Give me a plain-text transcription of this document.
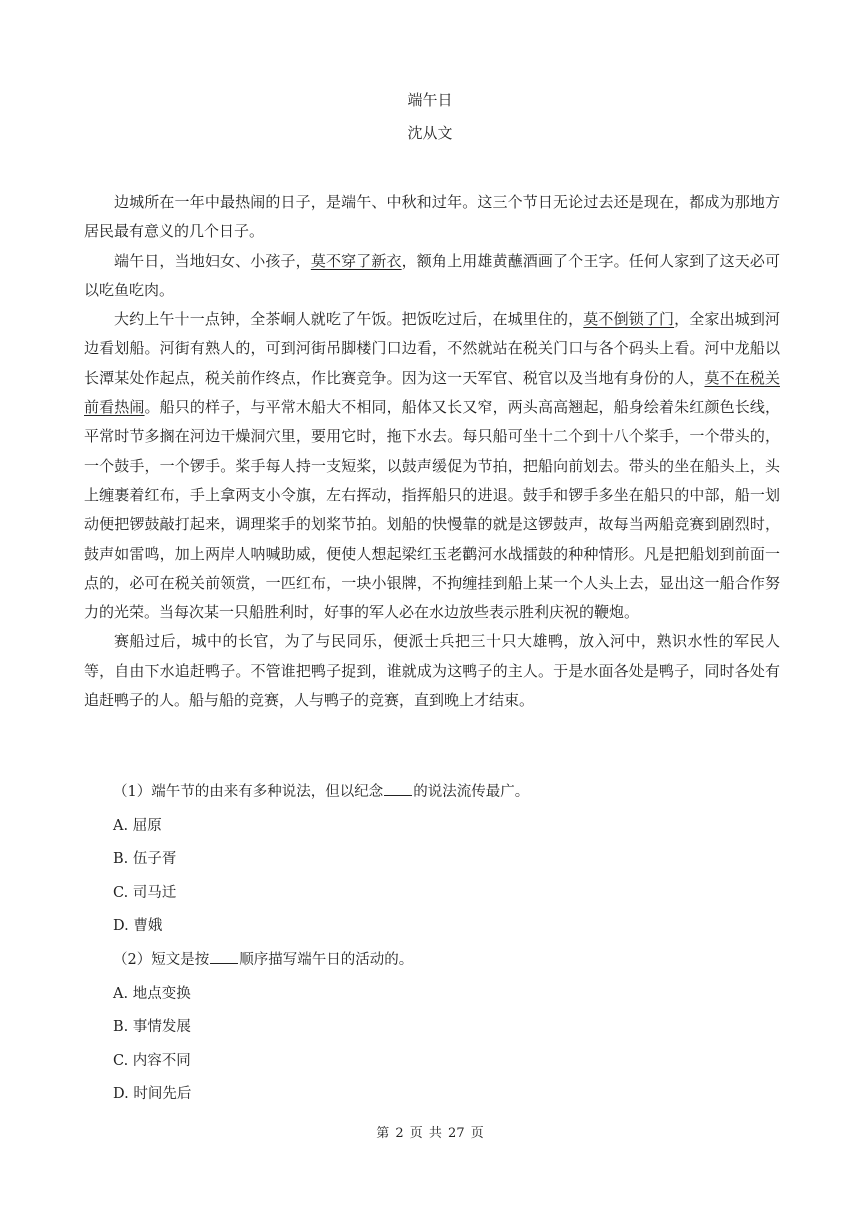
端午日
沈从文

边城所在一年中最热闹的日子，是端午、中秋和过年。这三个节日无论过去还是现在，都成为那地方居民最有意义的几个日子。

端午日，当地妇女、小孩子，莫不穿了新衣，额角上用雄黄蘸酒画了个王字。任何人家到了这天必可以吃鱼吃肉。

大约上午十一点钟，全茶峒人就吃了午饭。把饭吃过后，在城里住的，莫不倒锁了门，全家出城到河边看划船。河街有熟人的，可到河街吊脚楼门口边看，不然就站在税关门口与各个码头上看。河中龙船以长潭某处作起点，税关前作终点，作比赛竞争。因为这一天军官、税官以及当地有身份的人，莫不在税关前看热闹。船只的样子，与平常木船大不相同，船体又长又窄，两头高高翘起，船身绘着朱红颜色长线，平常时节多搁在河边干燥洞穴里，要用它时，拖下水去。每只船可坐十二个到十八个桨手，一个带头的，一个鼓手，一个锣手。桨手每人持一支短桨，以鼓声缓促为节拍，把船向前划去。带头的坐在船头上，头上缠裹着红布，手上拿两支小令旗，左右挥动，指挥船只的进退。鼓手和锣手多坐在船只的中部，船一划动便把锣鼓敲打起来，调理桨手的划桨节拍。划船的快慢靠的就是这锣鼓声，故每当两船竞赛到剧烈时，鼓声如雷鸣，加上两岸人呐喊助威，便使人想起梁红玉老鹳河水战擂鼓的种种情形。凡是把船划到前面一点的，必可在税关前领赏，一匹红布，一块小银牌，不拘缠挂到船上某一个人头上去，显出这一船合作努力的光荣。当每次某一只船胜利时，好事的军人必在水边放些表示胜利庆祝的鞭炮。

赛船过后，城中的长官，为了与民同乐，便派士兵把三十只大雄鸭，放入河中，熟识水性的军民人等，自由下水追赶鸭子。不管谁把鸭子捉到，谁就成为这鸭子的主人。于是水面各处是鸭子，同时各处有追赶鸭子的人。船与船的竞赛，人与鸭子的竞赛，直到晚上才结束。

（1）端午节的由来有多种说法，但以纪念 的说法流传最广。
A. 屈原
B. 伍子胥
C. 司马迁
D. 曹娥
（2）短文是按 顺序描写端午日的活动的。
A. 地点变换
B. 事情发展
C. 内容不同
D. 时间先后
第 2 页 共 27 页
